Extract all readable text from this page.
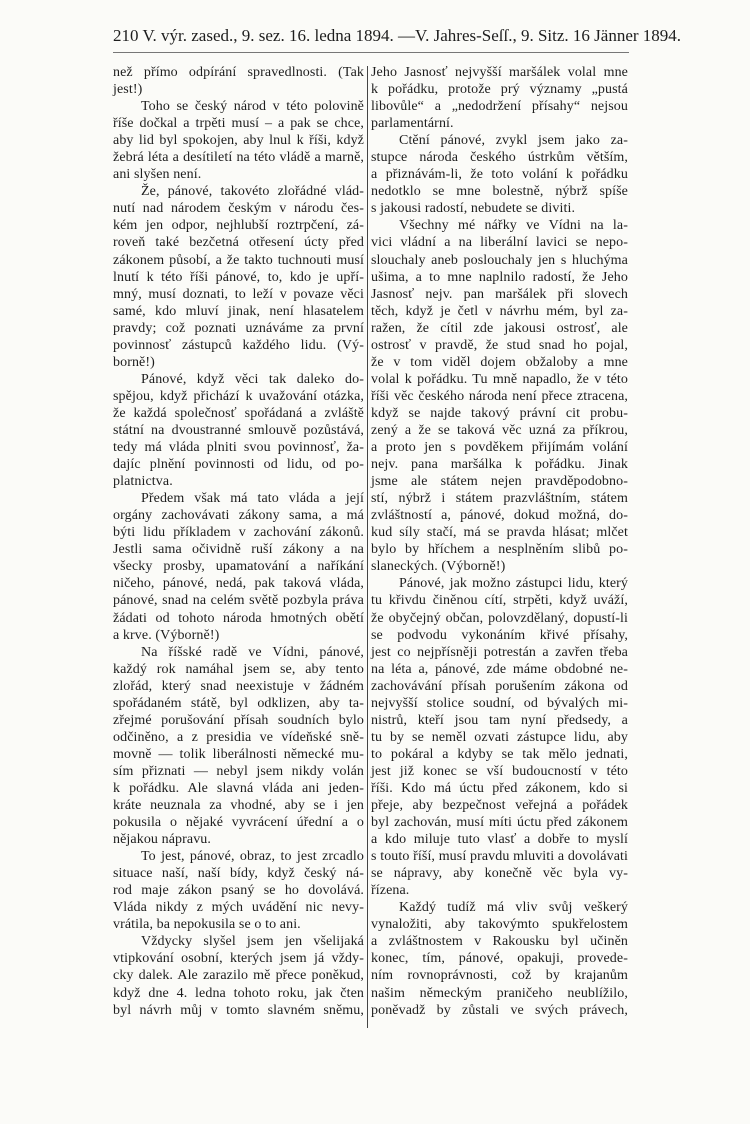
210 V. výr. zased., 9. sez. 16. ledna 1894. — V. Jahres-Seſſ., 9. Sitz. 16 Jänner 1894.
než přímo odpírání spravedlnosti. (Tak
jest!)
Toho se český národ v této polovině
říše dočkal a trpěti musí – a pak se chce,
aby lid byl spokojen, aby lnul k říši, když
žebrá léta a desítiletí na této vládě a marně,
ani slyšen není.
Že, pánové, takovéto zlořádné vlád-
nutí nad národem českým v národu čes-
kém jen odpor, nejhlubší roztrpčení, zá-
roveň také bezčetná otřesení úcty před
zákonem působí, a že takto tuchnouti musí
lnutí k této říši pánové, to, kdo je upří-
mný, musí doznati, to leží v povaze věci
samé, kdo mluví jinak, není hlasatelem
pravdy; což poznati uznáváme za první
povinnosť zástupců každého lidu. (Vý-
borně!)
Pánové, když věci tak daleko do-
spějou, když přichází k uvažování otázka,
že každá společnosť spořádaná a zvláště
státní na dvoustranné smlouvě pozůstává,
tedy má vláda plniti svou povinnosť, ža-
dajíc plnění povinnosti od lidu, od po-
platnictva.
Předem však má tato vláda a její
orgány zachovávati zákony sama, a má
býti lidu příkladem v zachování zákonů.
Jestli sama očividně ruší zákony a na
všecky prosby, upamatování a naříkání
ničeho, pánové, nedá, pak taková vláda,
pánové, snad na celém světě pozbyla práva
žádati od tohoto národa hmotných obětí
a krve. (Výborně!)
Na říšské radě ve Vídni, pánové,
každý rok namáhal jsem se, aby tento
zlořád, který snad neexistuje v žádném
spořádaném státě, byl odklizen, aby ta-
zřejmé porušování přísah soudních bylo
odčiněno, a z presidia ve vídeňské sně-
movně — tolik liberálnosti německé mu-
sím přiznati — nebyl jsem nikdy volán
k pořádku. Ale slavná vláda ani jeden-
kráte neuznala za vhodné, aby se i jen
pokusila o nějaké vyvrácení úřední a o
nějakou nápravu.
To jest, pánové, obraz, to jest zrcadlo
situace naší, naší bídy, když český ná-
rod maje zákon psaný se ho dovolává.
Vláda nikdy z mých uvádění nic nevy-
vrátila, ba nepokusila se o to ani.
Vždycky slyšel jsem jen všelijaká
vtipkování osobní, kterých jsem já vždy-
cky dalek. Ale zarazilo mě přece poněkud,
když dne 4. ledna tohoto roku, jak čten
byl návrh můj v tomto slavném sněmu,
Jeho Jasnosť nejvyšší maršálek volal mne
k pořádku, protože prý významy „pustá
libovůle“ a „nedodržení přísahy“ nejsou
parlamentární.
Ctění pánové, zvykl jsem jako za-
stupce národa českého ústrkům větším,
a přiznávám-li, že toto volání k pořádku
nedotklo se mne bolestně, nýbrž spíše
s jakousi radostí, nebudete se diviti.
Všechny mé nářky ve Vídni na la-
vici vládní a na liberální lavici se nepo-
slouchaly aneb poslouchaly jen s hluchýma
ušima, a to mne naplnilo radostí, že Jeho
Jasnosť nejv. pan maršálek při slovech
těch, když je četl v návrhu mém, byl za-
ražen, že cítil zde jakousi ostrosť, ale
ostrosť v pravdě, že stud snad ho pojal,
že v tom viděl dojem obžaloby a mne
volal k pořádku. Tu mně napadlo, že v této
říši věc českého národa není přece ztracena,
když se najde takový právní cit probu-
zený a že se taková věc uzná za příkrou,
a proto jen s povděkem přijímám volání
nejv. pana maršálka k pořádku. Jinak
jsme ale státem nejen pravděpodobno-
stí, nýbrž i státem prazvláštním, státem
zvláštností a, pánové, dokud možná, do-
kud síly stačí, má se pravda hlásat; mlčet
bylo by hříchem a nesplněním slibů po-
slaneckých. (Výborně!)
Pánové, jak možno zástupci lidu, který
tu křivdu činěnou cítí, strpěti, když uváží,
že obyčejný občan, polovzdělaný, dopustí-li
se podvodu vykonáním křivé přísahy,
jest co nejpřísněji potrestán a zavřen třeba
na léta a, pánové, zde máme obdobné ne-
zachovávání přísah porušením zákona od
nejvyšší stolice soudní, od bývalých mi-
nistrů, kteří jsou tam nyní předsedy, a
tu by se neměl ozvati zástupce lidu, aby
to pokáral a kdyby se tak mělo jednati,
jest již konec se vší budoucností v této
říši. Kdo má úctu před zákonem, kdo si
přeje, aby bezpečnost veřejná a pořádek
byl zachován, musí míti úctu před zákonem
a kdo miluje tuto vlasť a dobře to myslí
s touto říší, musí pravdu mluviti a dovolávati
se nápravy, aby konečně věc byla vy-
řízena.
Každý tudíž má vliv svůj veškerý
vynaložiti, aby takovýmto spukřelostem
a zvláštnostem v Rakousku byl učiněn
konec, tím, pánové, opakuji, provede-
ním rovnoprávnosti, což by krajanům
našim německým praničeho neublížilo,
poněvadž by zůstali ve svých právech,
